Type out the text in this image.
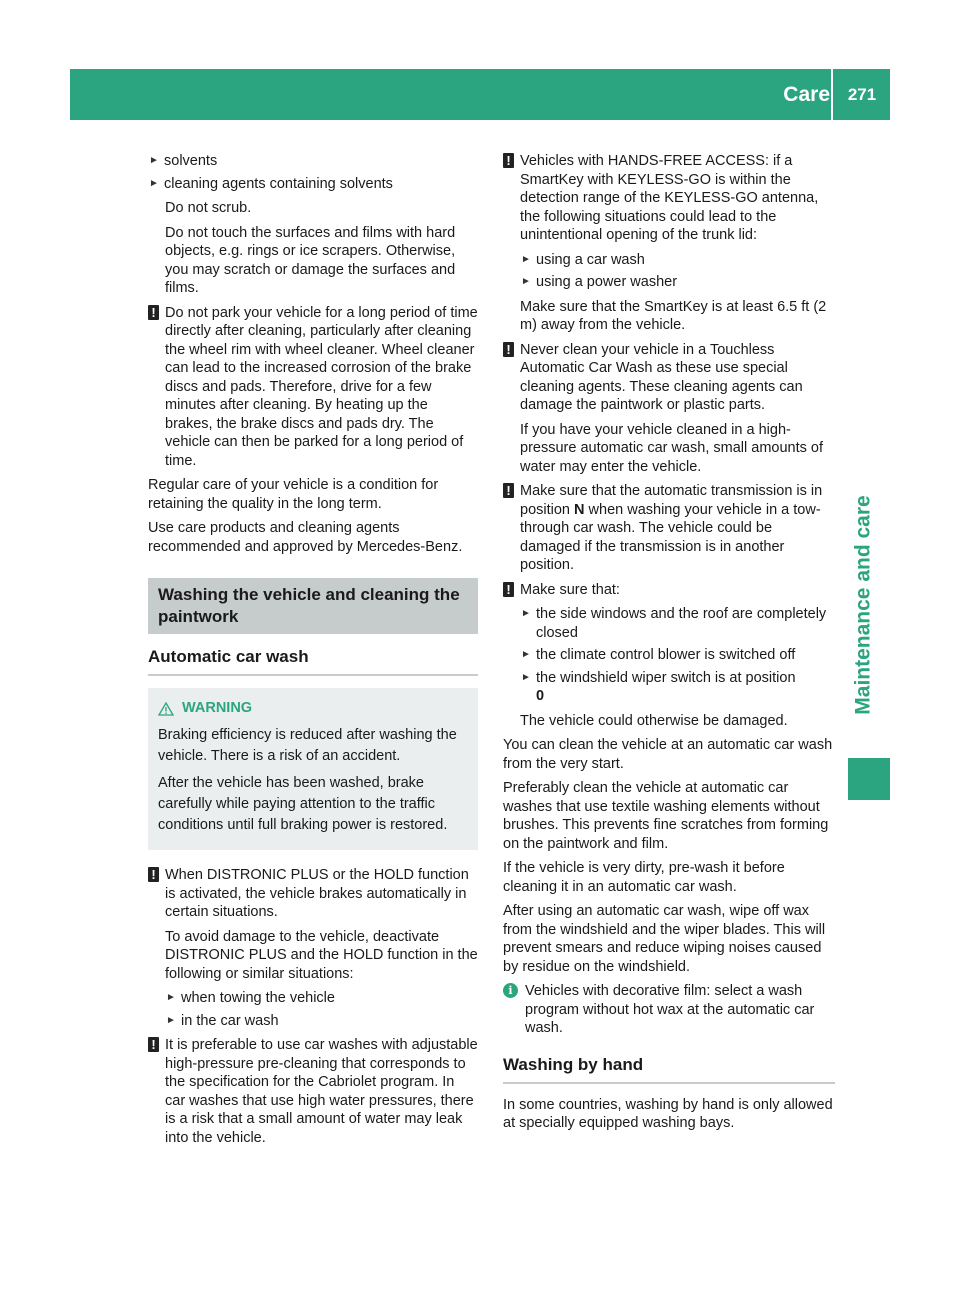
Care	271
Maintenance and care
► solvents
► cleaning agents containing solvents

Do not scrub.

Do not touch the surfaces and films with hard objects, e.g. rings or ice scrapers. Otherwise, you may scratch or damage the surfaces and films.

! Do not park your vehicle for a long period of time directly after cleaning, particularly after cleaning the wheel rim with wheel cleaner. Wheel cleaner can lead to the increased corrosion of the brake discs and pads. Therefore, drive for a few minutes after cleaning. By heating up the brakes, the brake discs and pads dry. The vehicle can then be parked for a long period of time.

Regular care of your vehicle is a condition for retaining the quality in the long term.

Use care products and cleaning agents recommended and approved by Mercedes-Benz.

Washing the vehicle and cleaning the paintwork
Automatic car wash
WARNING

Braking efficiency is reduced after washing the vehicle. There is a risk of an accident.

After the vehicle has been washed, brake carefully while paying attention to the traffic conditions until full braking power is restored.

! When DISTRONIC PLUS or the HOLD function is activated, the vehicle brakes automatically in certain situations.

To avoid damage to the vehicle, deactivate DISTRONIC PLUS and the HOLD function in the following or similar situations:

► when towing the vehicle
► in the car wash
! It is preferable to use car washes with adjustable high-pressure pre-cleaning that corresponds to the specification for the Cabriolet program. In car washes that use high water pressures, there is a risk that a small amount of water may leak into the vehicle.

! Vehicles with HANDS-FREE ACCESS: if a SmartKey with KEYLESS-GO is within the detection range of the KEYLESS-GO antenna, the following situations could lead to the unintentional opening of the trunk lid:

► using a car wash
► using a power washer

Make sure that the SmartKey is at least 6.5 ft (2 m) away from the vehicle.

! Never clean your vehicle in a Touchless Automatic Car Wash as these use special cleaning agents. These cleaning agents can damage the paintwork or plastic parts.

If you have your vehicle cleaned in a high-pressure automatic car wash, small amounts of water may enter the vehicle.

! Make sure that the automatic transmission is in position N when washing your vehicle in a tow-through car wash. The vehicle could be damaged if the transmission is in another position.

! Make sure that:

► the side windows and the roof are completely closed
► the climate control blower is switched off
► the windshield wiper switch is at position
0

The vehicle could otherwise be damaged.

You can clean the vehicle at an automatic car wash from the very start.

Preferably clean the vehicle at automatic car washes that use textile washing elements without brushes. This prevents fine scratches from forming on the paintwork and film.

If the vehicle is very dirty, pre-wash it before cleaning it in an automatic car wash.

After using an automatic car wash, wipe off wax from the windshield and the wiper blades. This will prevent smears and reduce wiping noises caused by residue on the windshield.

i Vehicles with decorative film: select a wash program without hot wax at the automatic car wash.

Washing by hand

In some countries, washing by hand is only allowed at specially equipped washing bays.
